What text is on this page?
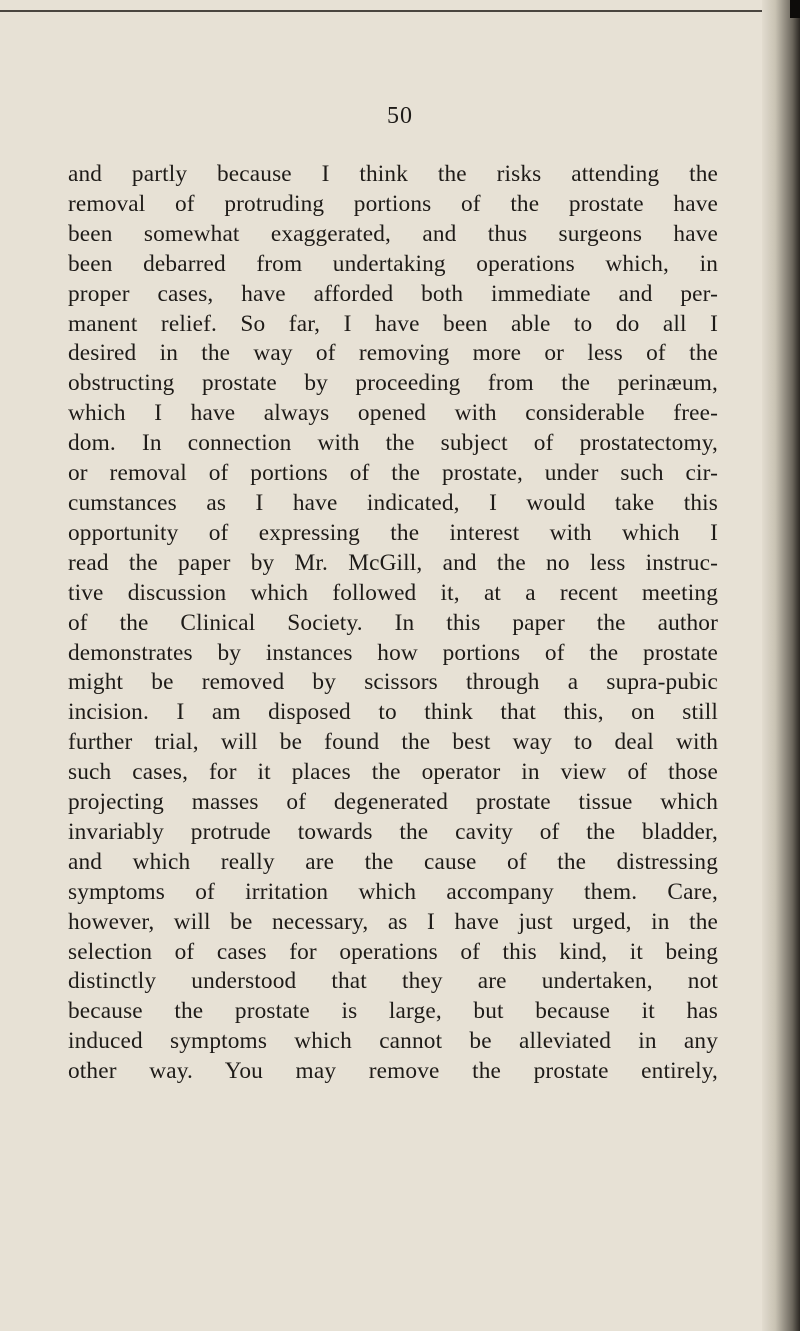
50

and partly because I think the risks attending the
removal of protruding portions of the prostate have
been somewhat exaggerated, and thus surgeons have
been debarred from undertaking operations which, in
proper cases, have afforded both immediate and per-
manent relief. So far, I have been able to do all I
desired in the way of removing more or less of the
obstructing prostate by proceeding from the perinæum,
which I have always opened with considerable free-
dom. In connection with the subject of prostatectomy,
or removal of portions of the prostate, under such cir-
cumstances as I have indicated, I would take this
opportunity of expressing the interest with which I
read the paper by Mr. McGill, and the no less instruc-
tive discussion which followed it, at a recent meeting
of the Clinical Society. In this paper the author
demonstrates by instances how portions of the prostate
might be removed by scissors through a supra-pubic
incision. I am disposed to think that this, on still
further trial, will be found the best way to deal with
such cases, for it places the operator in view of those
projecting masses of degenerated prostate tissue which
invariably protrude towards the cavity of the bladder,
and which really are the cause of the distressing
symptoms of irritation which accompany them. Care,
however, will be necessary, as I have just urged, in the
selection of cases for operations of this kind, it being
distinctly understood that they are undertaken, not
because the prostate is large, but because it has
induced symptoms which cannot be alleviated in any
other way. You may remove the prostate entirely,
